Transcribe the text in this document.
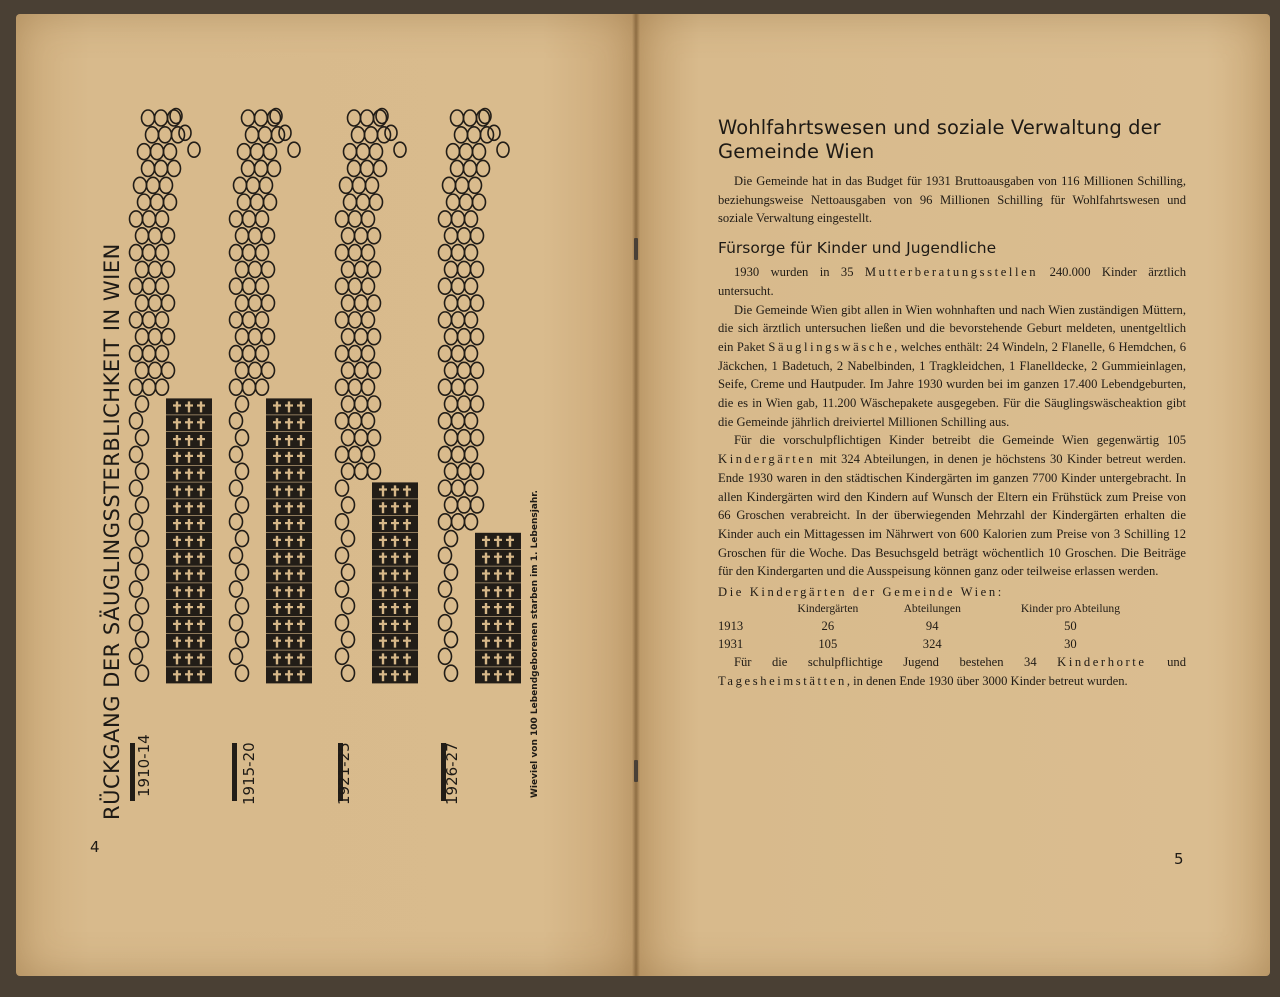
RÜCKGANG DER SÄUGLINGSSTERBLICHKEIT IN WIEN 1910-14	1915-20	1921-25	1926-27	Wieviel von 100 Lebendgeborenen starben im 1. Lebensjahr.
4
Wohlfahrtswesen und soziale Verwaltung der Gemeinde Wien

Die Gemeinde hat in das Budget für 1931 Bruttoausgaben von 116 Millionen Schilling, beziehungsweise Nettoausgaben von 96 Millionen Schilling für Wohlfahrtswesen und soziale Verwaltung eingestellt.

Fürsorge für Kinder und Jugendliche

1930 wurden in 35 Mutterberatungsstellen 240.000 Kinder ärztlich untersucht.

Die Gemeinde Wien gibt allen in Wien wohnhaften und nach Wien zuständigen Müttern, die sich ärztlich untersuchen ließen und die bevorstehende Geburt meldeten, unentgeltlich ein Paket Säuglingswäsche, welches enthält: 24 Windeln, 2 Flanelle, 6 Hemdchen, 6 Jäckchen, 1 Badetuch, 2 Nabelbinden, 1 Tragkleidchen, 1 Flanelldecke, 2 Gummieinlagen, Seife, Creme und Hautpuder. Im Jahre 1930 wurden bei im ganzen 17.400 Lebendgeburten, die es in Wien gab, 11.200 Wäschepakete ausgegeben. Für die Säuglingswäscheaktion gibt die Gemeinde jährlich dreiviertel Millionen Schilling aus.

Für die vorschulpflichtigen Kinder betreibt die Gemeinde Wien gegenwärtig 105 Kindergärten mit 324 Abteilungen, in denen je höchstens 30 Kinder betreut werden. Ende 1930 waren in den städtischen Kindergärten im ganzen 7700 Kinder untergebracht. In allen Kindergärten wird den Kindern auf Wunsch der Eltern ein Frühstück zum Preise von 66 Groschen verabreicht. In der überwiegenden Mehrzahl der Kindergärten erhalten die Kinder auch ein Mittagessen im Nährwert von 600 Kalorien zum Preise von 3 Schilling 12 Groschen für die Woche. Das Besuchsgeld beträgt wöchentlich 10 Groschen. Die Beiträge für den Kindergarten und die Ausspeisung können ganz oder teilweise erlassen werden.

Die Kindergärten der Gemeinde Wien:
	Kindergärten	Abteilungen	Kinder pro Abteilung
1913	26	94	50
1931	105	324	30

Für die schulpflichtige Jugend bestehen 34 Kinderhorte und Tagesheimstätten, in denen Ende 1930 über 3000 Kinder betreut wurden.

5
